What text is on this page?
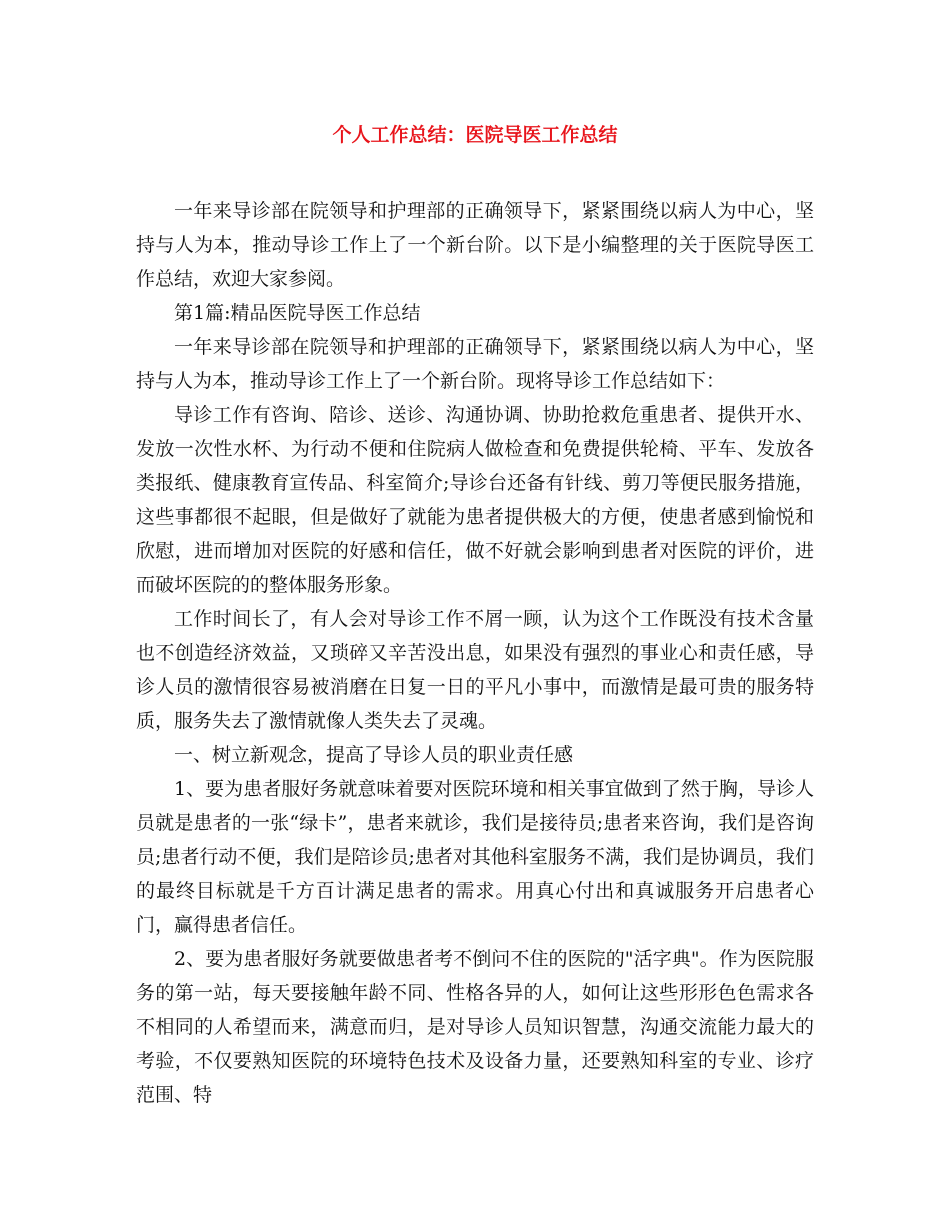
个人工作总结：医院导医工作总结

一年来导诊部在院领导和护理部的正确领导下，紧紧围绕以病人为中心，坚持与人为本，推动导诊工作上了一个新台阶。以下是小编整理的关于医院导医工作总结，欢迎大家参阅。

第1篇:精品医院导医工作总结

一年来导诊部在院领导和护理部的正确领导下，紧紧围绕以病人为中心，坚持与人为本，推动导诊工作上了一个新台阶。现将导诊工作总结如下：

导诊工作有咨询、陪诊、送诊、沟通协调、协助抢救危重患者、提供开水、发放一次性水杯、为行动不便和住院病人做检查和免费提供轮椅、平车、发放各类报纸、健康教育宣传品、科室简介;导诊台还备有针线、剪刀等便民服务措施，这些事都很不起眼，但是做好了就能为患者提供极大的方便，使患者感到愉悦和欣慰，进而增加对医院的好感和信任，做不好就会影响到患者对医院的评价，进而破坏医院的的整体服务形象。

工作时间长了，有人会对导诊工作不屑一顾，认为这个工作既没有技术含量也不创造经济效益，又琐碎又辛苦没出息，如果没有强烈的事业心和责任感，导诊人员的激情很容易被消磨在日复一日的平凡小事中，而激情是最可贵的服务特质，服务失去了激情就像人类失去了灵魂。

一、树立新观念，提高了导诊人员的职业责任感

1、要为患者服好务就意味着要对医院环境和相关事宜做到了然于胸，导诊人员就是患者的一张“绿卡”，患者来就诊，我们是接待员;患者来咨询，我们是咨询员;患者行动不便，我们是陪诊员;患者对其他科室服务不满，我们是协调员，我们的最终目标就是千方百计满足患者的需求。用真心付出和真诚服务开启患者心门，赢得患者信任。

2、要为患者服好务就要做患者考不倒问不住的医院的"活字典"。作为医院服务的第一站，每天要接触年龄不同、性格各异的人，如何让这些形形色色需求各不相同的人希望而来，满意而归，是对导诊人员知识智慧，沟通交流能力最大的考验，不仅要熟知医院的环境特色技术及设备力量，还要熟知科室的专业、诊疗范围、特
